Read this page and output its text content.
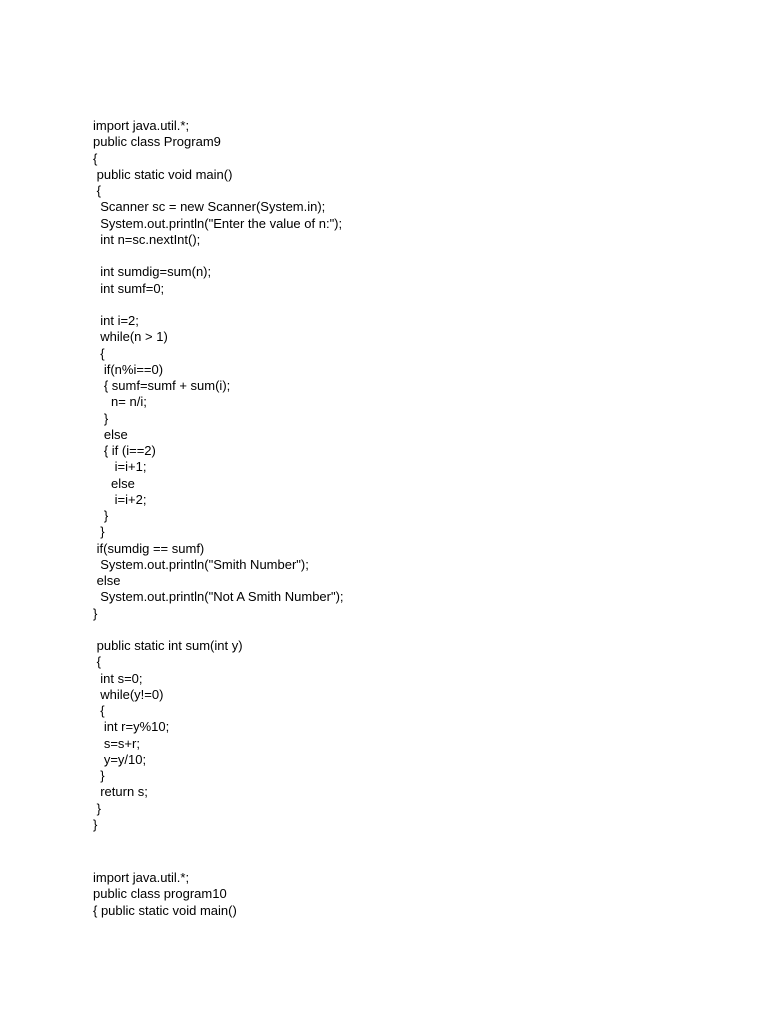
import java.util.*;
public class Program9
{
public static void main()
{
Scanner sc = new Scanner(System.in);
System.out.println("Enter the value of n:");
int n=sc.nextInt();
int sumdig=sum(n);
int sumf=0;
int i=2;
while(n > 1)
{
if(n%i==0)
{ sumf=sumf + sum(i);
n= n/i;
}
else
{ if (i==2)
i=i+1;
else
i=i+2;
}
}
if(sumdig == sumf)
System.out.println("Smith Number");
else
System.out.println("Not A Smith Number");
}
public static int sum(int y)
{
int s=0;
while(y!=0)
{
int r=y%10;
s=s+r;
y=y/10;
}
return s;
}
}
import java.util.*;
public class program10
{ public static void main()
